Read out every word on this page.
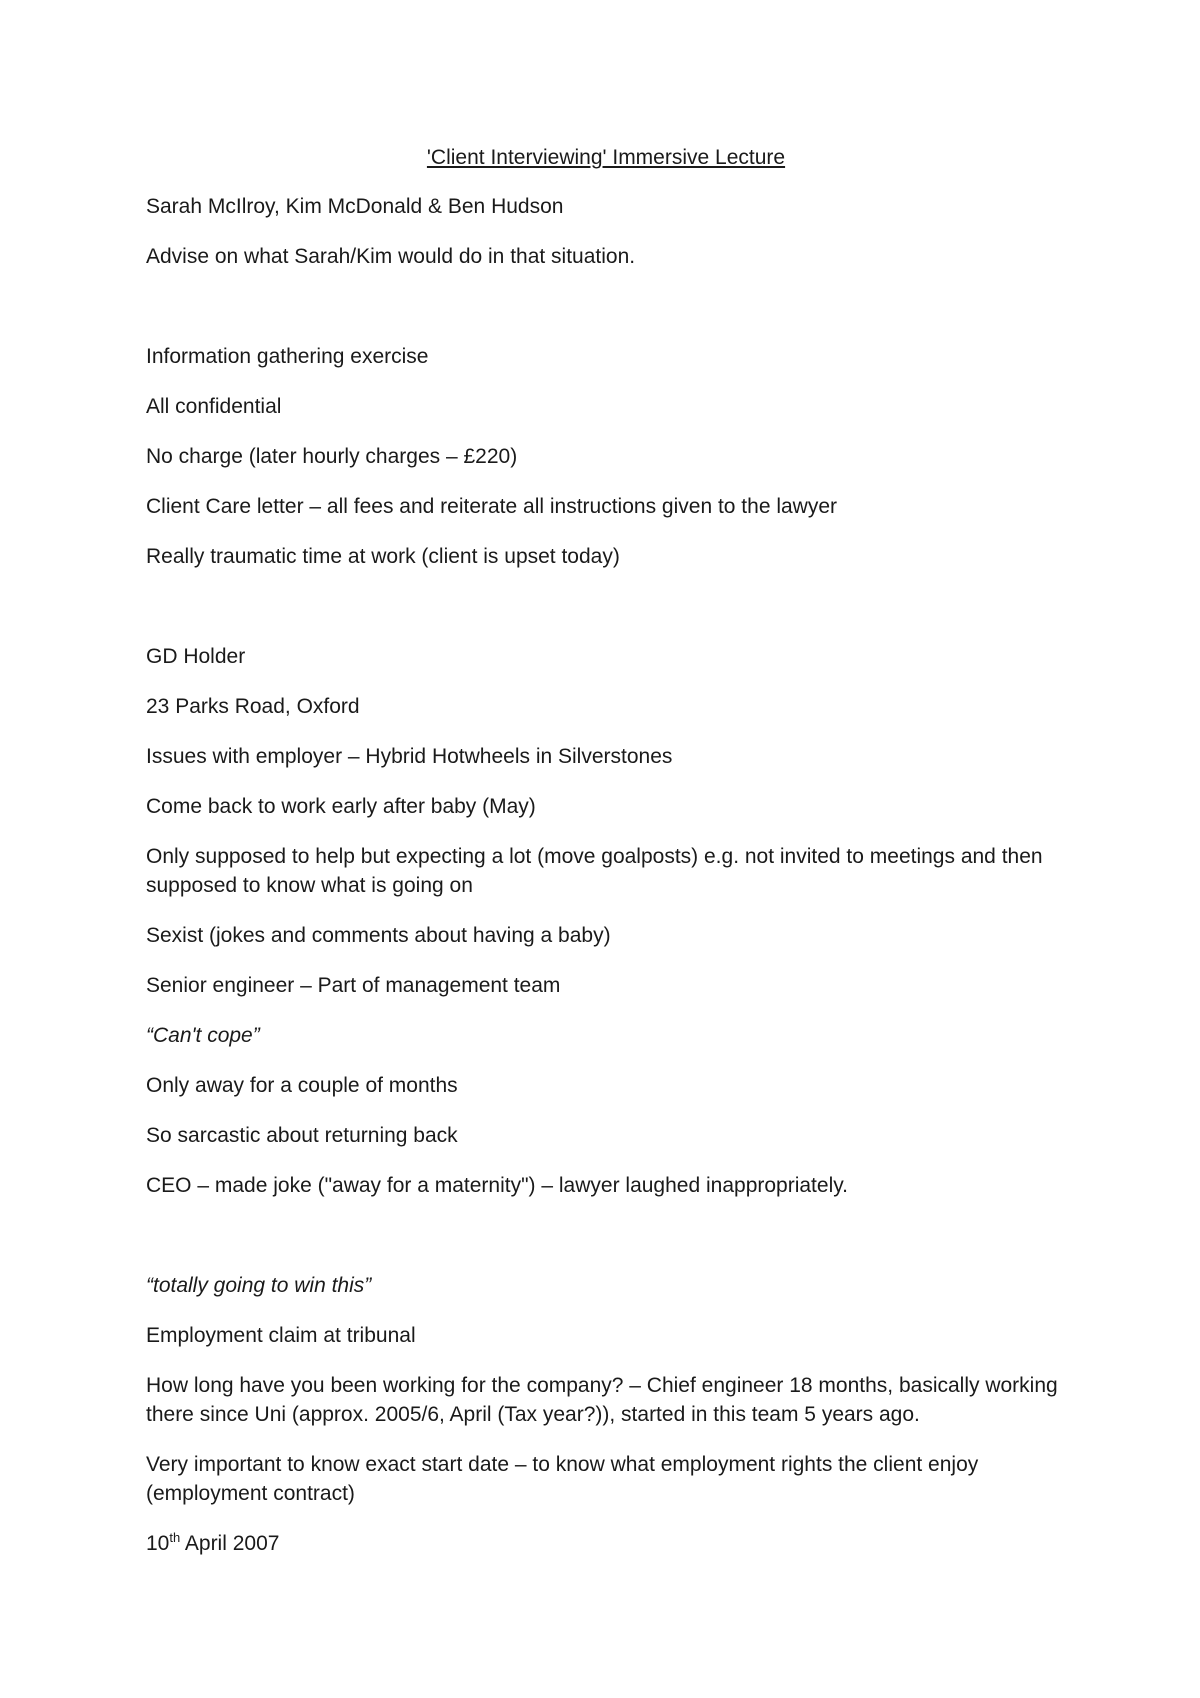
'Client Interviewing' Immersive Lecture

Sarah McIlroy, Kim McDonald & Ben Hudson

Advise on what Sarah/Kim would do in that situation.

Information gathering exercise

All confidential

No charge (later hourly charges – £220)

Client Care letter – all fees and reiterate all instructions given to the lawyer

Really traumatic time at work (client is upset today)

GD Holder

23 Parks Road, Oxford

Issues with employer – Hybrid Hotwheels in Silverstones

Come back to work early after baby (May)

Only supposed to help but expecting a lot (move goalposts) e.g. not invited to meetings and then supposed to know what is going on

Sexist (jokes and comments about having a baby)

Senior engineer – Part of management team

“Can't cope”

Only away for a couple of months

So sarcastic about returning back

CEO – made joke ("away for a maternity") – lawyer laughed inappropriately.

“totally going to win this”

Employment claim at tribunal

How long have you been working for the company? – Chief engineer 18 months, basically working there since Uni (approx. 2005/6, April (Tax year?)), started in this team 5 years ago.

Very important to know exact start date – to know what employment rights the client enjoy (employment contract)

10th April 2007
